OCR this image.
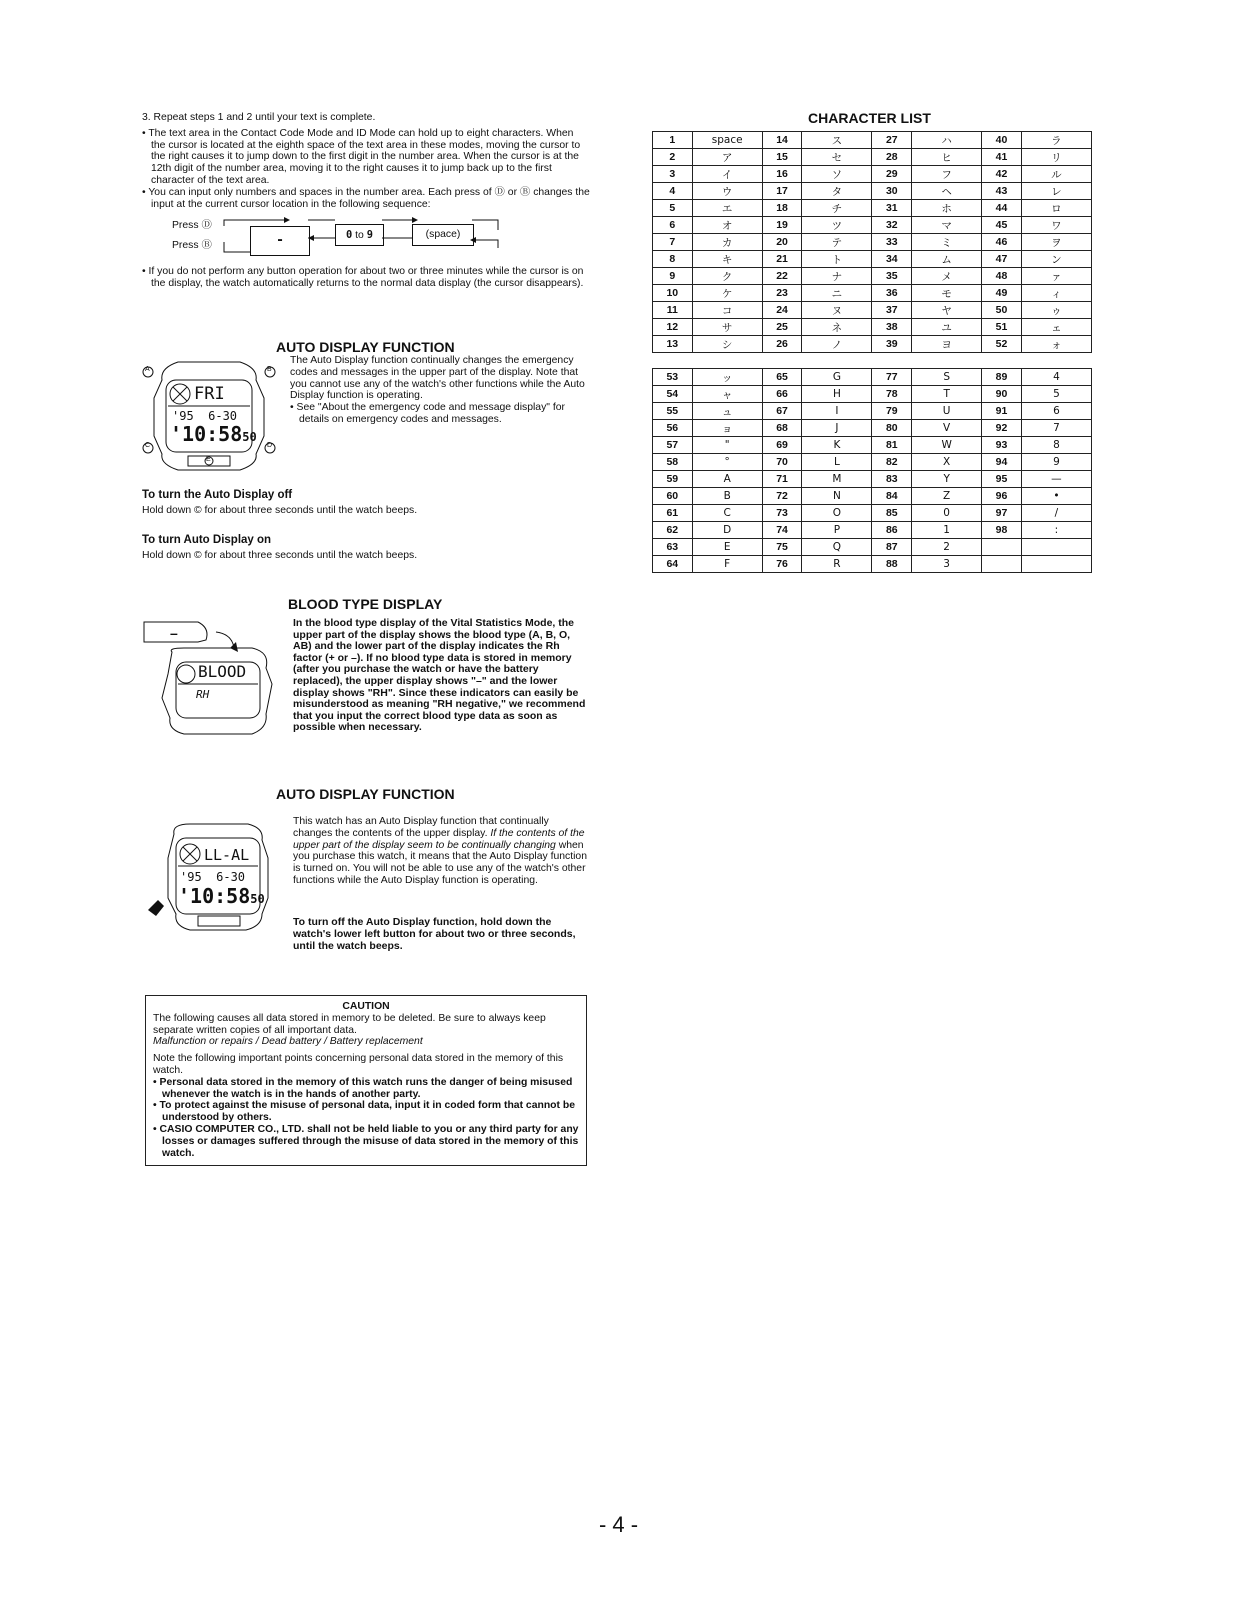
3. Repeat steps 1 and 2 until your text is complete.
• The text area in the Contact Code Mode and ID Mode can hold up to eight characters. When the cursor is located at the eighth space of the text area in these modes, moving the cursor to the right causes it to jump down to the first digit in the number area. When the cursor is at the 12th digit of the number area, moving it to the right causes it to jump back up to the first character of the text area.
• You can input only numbers and spaces in the number area. Each press of Ⓓ or Ⓑ changes the input at the current cursor location in the following sequence:
Press Ⓓ
Press Ⓑ	-	0 to 9	(space)
• If you do not perform any button operation for about two or three minutes while the cursor is on the display, the watch automatically returns to the normal data display (the cursor disappears).
AUTO DISPLAY FUNCTION
A	B
C	D
E
FRI
'95  6-30
'10:5850
The Auto Display function continually changes the emergency codes and messages in the upper part of the display. Note that you cannot use any of the watch's other functions while the Auto Display function is operating.
• See "About the emergency code and message display" for details on emergency codes and messages.
To turn the Auto Display off
Hold down © for about three seconds until the watch beeps.
To turn Auto Display on
Hold down © for about three seconds until the watch beeps.
BLOOD TYPE DISPLAY
–
BLOOD
RH
In the blood type display of the Vital Statistics Mode, the upper part of the display shows the blood type (A, B, O, AB) and the lower part of the display indicates the Rh factor (+ or –). If no blood type data is stored in memory (after you purchase the watch or have the battery replaced), the upper display shows "–" and the lower display shows "RH". Since these indicators can easily be misunderstood as meaning "RH negative," we recommend that you input the correct blood type data as soon as possible when necessary.
AUTO DISPLAY FUNCTION
LL-AL
'95  6-30
'10:5850
This watch has an Auto Display function that continually changes the contents of the upper display. If the contents of the upper part of the display seem to be continually changing when you purchase this watch, it means that the Auto Display function is turned on. You will not be able to use any of the watch's other functions while the Auto Display function is operating.
To turn off the Auto Display function, hold down the watch's lower left button for about two or three seconds, until the watch beeps.
CAUTION
The following causes all data stored in memory to be deleted. Be sure to always keep separate written copies of all important data.
Malfunction or repairs / Dead battery / Battery replacement
Note the following important points concerning personal data stored in the memory of this watch.
• Personal data stored in the memory of this watch runs the danger of being misused whenever the watch is in the hands of another party.
• To protect against the misuse of personal data, input it in coded form that cannot be understood by others.
• CASIO COMPUTER CO., LTD. shall not be held liable to you or any third party for any losses or damages suffered through the misuse of data stored in the memory of this watch.
CHARACTER LIST
1	space	14	ス	27	ハ	40	ラ
2	ア	15	セ	28	ヒ	41	リ
3	イ	16	ソ	29	フ	42	ル
4	ウ	17	タ	30	ヘ	43	レ
5	エ	18	チ	31	ホ	44	ロ
6	オ	19	ツ	32	マ	45	ワ
7	カ	20	テ	33	ミ	46	ヲ
8	キ	21	ト	34	ム	47	ン
9	ク	22	ナ	35	メ	48	ァ
10	ケ	23	ニ	36	モ	49	ィ
11	コ	24	ヌ	37	ヤ	50	ゥ
12	サ	25	ネ	38	ユ	51	ェ
13	シ	26	ノ	39	ヨ	52	ォ
53	ッ	65	G	77	S	89	4
54	ャ	66	H	78	T	90	5
55	ュ	67	I	79	U	91	6
56	ョ	68	J	80	V	92	7
57	"	69	K	81	W	93	8
58	°	70	L	82	X	94	9
59	A	71	M	83	Y	95	—
60	B	72	N	84	Z	96	•
61	C	73	O	85	0	97	/
62	D	74	P	86	1	98	:
63	E	75	Q	87	2		
64	F	76	R	88	3		
- 4 -
